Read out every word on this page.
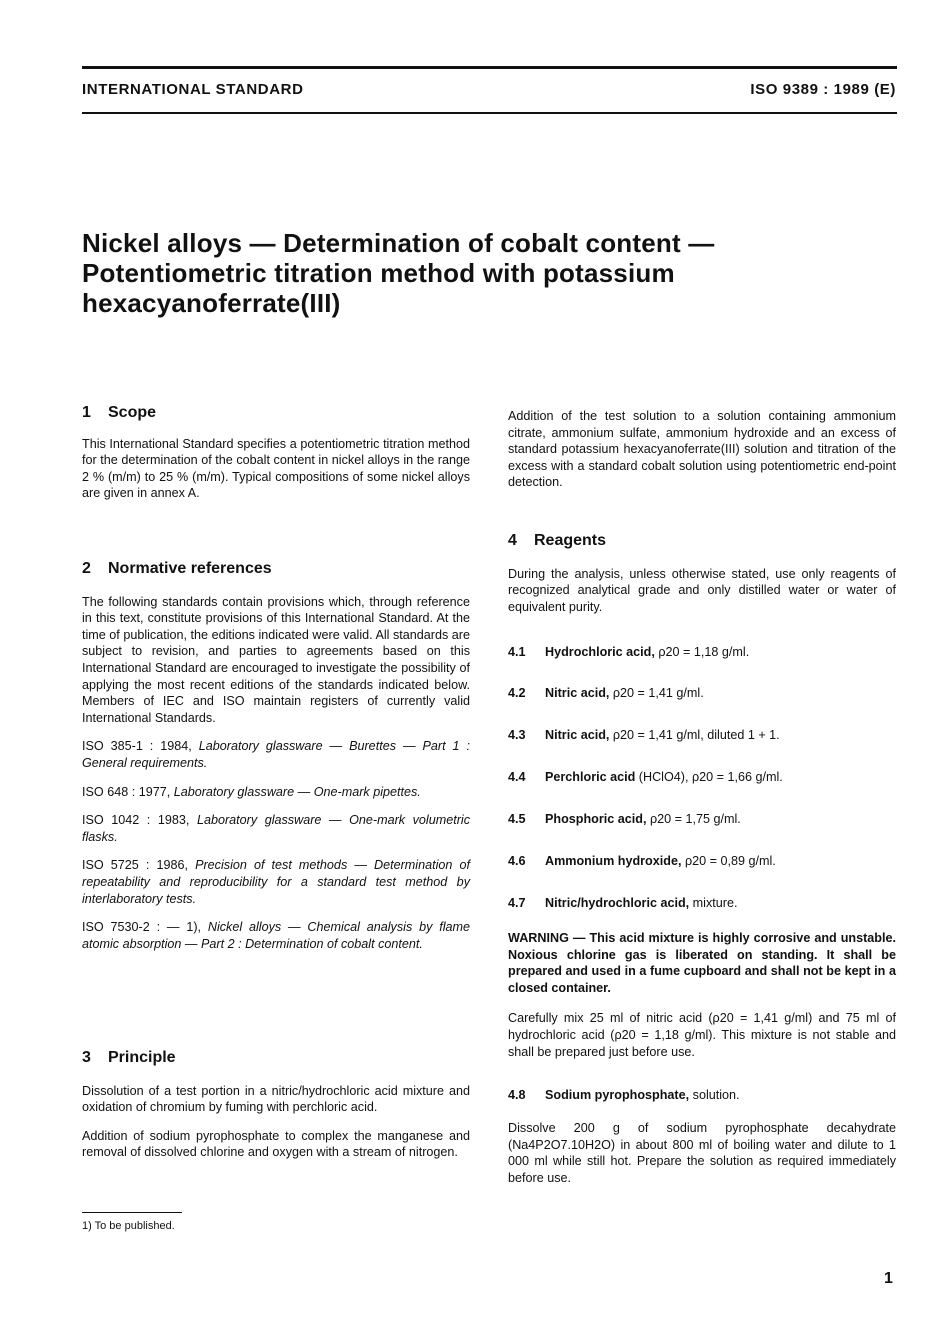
INTERNATIONAL STANDARD	ISO 9389 : 1989 (E)
Nickel alloys — Determination of cobalt content —
Potentiometric titration method with potassium
hexacyanoferrate(III)
1 Scope

This International Standard specifies a potentiometric titration method for the determination of the cobalt content in nickel alloys in the range 2 % (m/m) to 25 % (m/m). Typical compositions of some nickel alloys are given in annex A.

2 Normative references

The following standards contain provisions which, through reference in this text, constitute provisions of this International Standard. At the time of publication, the editions indicated were valid. All standards are subject to revision, and parties to agreements based on this International Standard are encouraged to investigate the possibility of applying the most recent editions of the standards indicated below. Members of IEC and ISO maintain registers of currently valid International Standards.

ISO 385-1 : 1984, Laboratory glassware — Burettes — Part 1 : General requirements.

ISO 648 : 1977, Laboratory glassware — One-mark pipettes.

ISO 1042 : 1983, Laboratory glassware — One-mark volumetric flasks.

ISO 5725 : 1986, Precision of test methods — Determination of repeatability and reproducibility for a standard test method by interlaboratory tests.

ISO 7530-2 : — 1), Nickel alloys — Chemical analysis by flame atomic absorption — Part 2 : Determination of cobalt content.

3 Principle

Dissolution of a test portion in a nitric/hydrochloric acid mixture and oxidation of chromium by fuming with perchloric acid.

Addition of sodium pyrophosphate to complex the manganese and removal of dissolved chlorine and oxygen with a stream of nitrogen.

1) To be published.

Addition of the test solution to a solution containing ammonium citrate, ammonium sulfate, ammonium hydroxide and an excess of standard potassium hexacyanoferrate(III) solution and titration of the excess with a standard cobalt solution using potentiometric end-point detection.

4 Reagents

During the analysis, unless otherwise stated, use only reagents of recognized analytical grade and only distilled water or water of equivalent purity.

4.1 Hydrochloric acid, ρ20 = 1,18 g/ml.
4.2 Nitric acid, ρ20 = 1,41 g/ml.
4.3 Nitric acid, ρ20 = 1,41 g/ml, diluted 1 + 1.
4.4 Perchloric acid (HClO4), ρ20 = 1,66 g/ml.
4.5 Phosphoric acid, ρ20 = 1,75 g/ml.
4.6 Ammonium hydroxide, ρ20 = 0,89 g/ml.
4.7 Nitric/hydrochloric acid, mixture.

WARNING — This acid mixture is highly corrosive and unstable. Noxious chlorine gas is liberated on standing. It shall be prepared and used in a fume cupboard and shall not be kept in a closed container.

Carefully mix 25 ml of nitric acid (ρ20 = 1,41 g/ml) and 75 ml of hydrochloric acid (ρ20 = 1,18 g/ml). This mixture is not stable and shall be prepared just before use.

4.8 Sodium pyrophosphate, solution.

Dissolve 200 g of sodium pyrophosphate decahydrate (Na4P2O7.10H2O) in about 800 ml of boiling water and dilute to 1 000 ml while still hot. Prepare the solution as required immediately before use.

1
